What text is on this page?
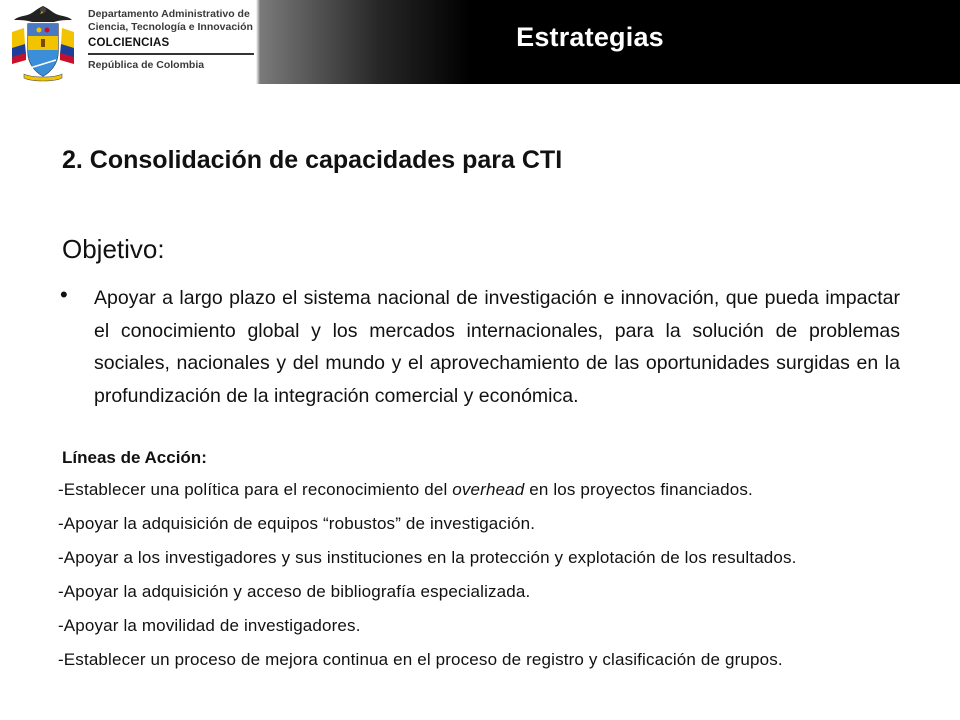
Departamento Administrativo de
Ciencia, Tecnología e Innovación
COLCIENCIAS
República de Colombia
Estrategias
2. Consolidación de capacidades para CTI
Objetivo:
• Apoyar a largo plazo el sistema nacional de investigación e innovación, que pueda impactar el conocimiento global y los mercados internacionales, para la solución de problemas sociales, nacionales y del mundo y el aprovechamiento de las oportunidades surgidas en la profundización de la integración comercial y económica.
Líneas de Acción:
-Establecer una política para el reconocimiento del overhead en los proyectos financiados.
-Apoyar la adquisición de equipos “robustos” de investigación.
-Apoyar a los investigadores y sus instituciones en la protección y explotación de los resultados.
-Apoyar la adquisición y acceso de bibliografía especializada.
-Apoyar la movilidad de investigadores.
-Establecer un proceso de mejora continua en el proceso de registro y clasificación de grupos.
